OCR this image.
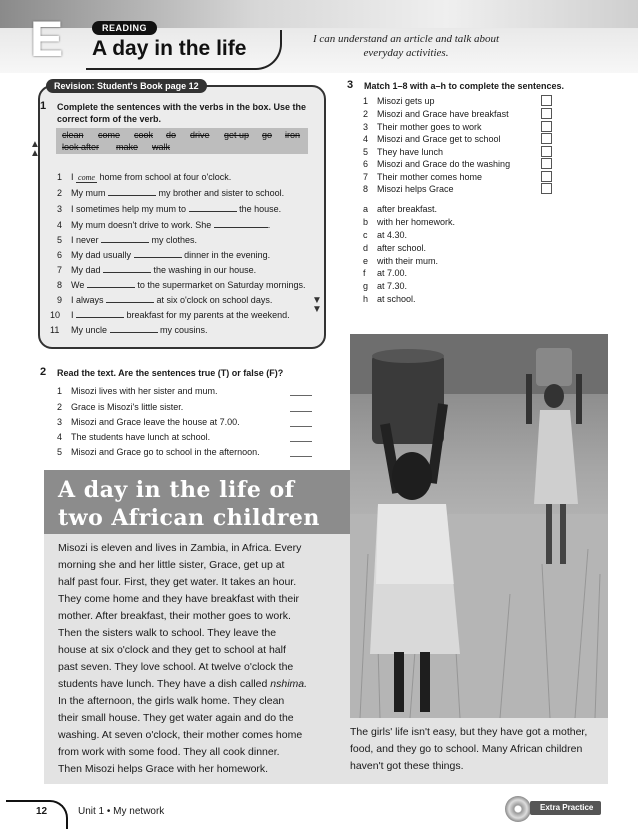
E	READING
A day in the life	I can understand an article and talk about everyday activities.
Revision: Student's Book page 12
1 Complete the sentences with the verbs in the box. Use the
correct form of the verb.
clean come cook do drive get up go iron
look after make walk
▲
▲
▼
▼
1 I come home from school at four o'clock.
2 My mum	my brother and sister to school.
3 I sometimes help my mum to	the house.
4 My mum doesn't drive to work. She	.
5 I never	my clothes.
6 My dad usually	dinner in the evening.
7 My dad	the washing in our house.
8 We	to the supermarket on Saturday mornings.
9 I always	at six o'clock on school days.
10 I	breakfast for my parents at the weekend.
11 My uncle	my cousins.
2 Read the text. Are the sentences true (T) or false (F)?
1 Misozi lives with her sister and mum.
2 Grace is Misozi's little sister.
3 Misozi and Grace leave the house at 7.00.
4 The students have lunch at school.
5 Misozi and Grace go to school in the afternoon.
3 Match 1–8 with a–h to complete the sentences.
1 Misozi gets up
2 Misozi and Grace have breakfast
3 Their mother goes to work
4 Misozi and Grace get to school
5 They have lunch
6 Misozi and Grace do the washing
7 Their mother comes home
8 Misozi helps Grace
a after breakfast.
b with her homework.
c at 4.30.
d after school.
e with their mum.
f at 7.00.
g at 7.30.
h at school.
A day in the life of
two African children
Misozi is eleven and lives in Zambia, in Africa. Every
morning she and her little sister, Grace, get up at
half past four. First, they get water. It takes an hour.
They come home and they have breakfast with their
mother. After breakfast, their mother goes to work.
Then the sisters walk to school. They leave the
house at six o'clock and they get to school at half
past seven. They love school. At twelve o'clock the
students have lunch. They have a dish called nshima.
In the afternoon, the girls walk home. They clean
their small house. They get water again and do the
washing. At seven o'clock, their mother comes home
from work with some food. They all cook dinner.
Then Misozi helps Grace with her homework.
The girls' life isn't easy, but they have got a mother,
food, and they go to school. Many African children
haven't got these things.
12	Unit 1 • My network	Extra Practice
